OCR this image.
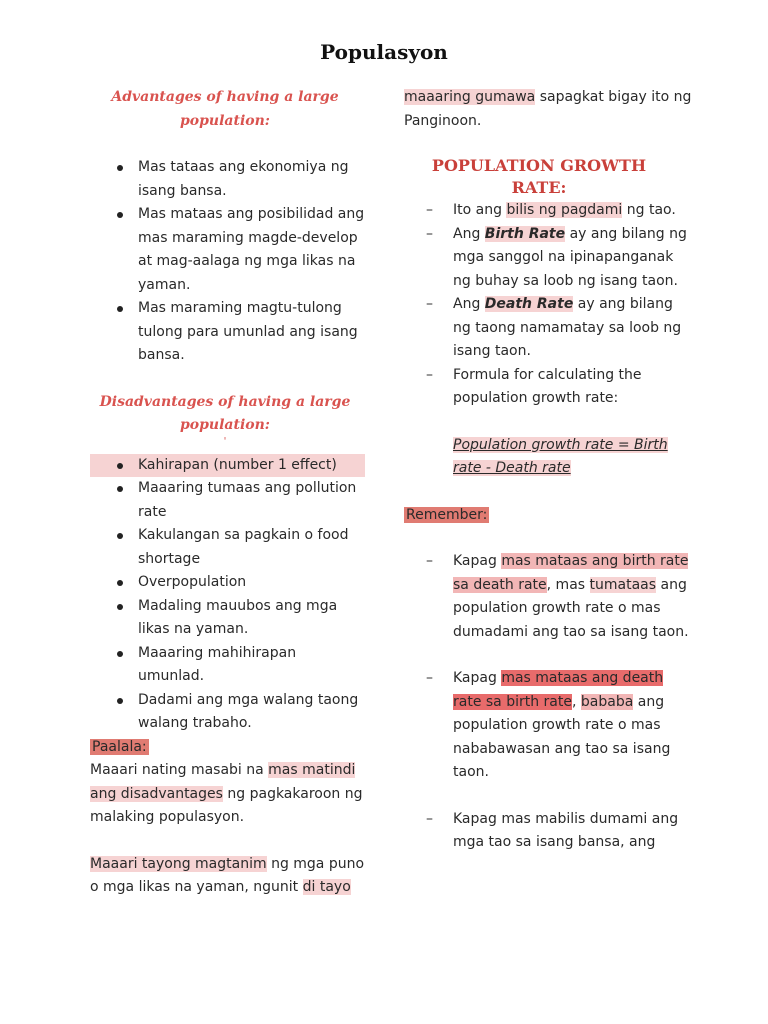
Populasyon
Advantages of having a large population:
Mas tataas ang ekonomiya ng isang bansa.
Mas mataas ang posibilidad ang mas maraming magde-develop at mag-aalaga ng mga likas na yaman.
Mas maraming magtu-tulong tulong para umunlad ang isang bansa.
Disadvantages of having a large population:
'
Kahirapan (number 1 effect)
Maaaring tumaas ang pollution rate
Kakulangan sa pagkain o food shortage
Overpopulation
Madaling mauubos ang mga likas na yaman.
Maaaring mahihirapan umunlad.
Dadami ang mga walang taong walang trabaho.

Paalala:

Maaari nating masabi na mas matindi ang disadvantages ng pagkakaroon ng malaking populasyon.

Maaari tayong magtanim ng mga puno o mga likas na yaman, ngunit di tayo

maaaring gumawa sapagkat bigay ito ng Panginoon.

POPULATION GROWTH RATE:
– Ito ang bilis ng pagdami ng tao.
– Ang Birth Rate ay ang bilang ng mga sanggol na ipinapanganak ng buhay sa loob ng isang taon.
– Ang Death Rate ay ang bilang ng taong namamatay sa loob ng isang taon.
– Formula for calculating the population growth rate:

Population growth rate = Birth rate - Death rate

Remember:

– Kapag mas mataas ang birth rate sa death rate, mas tumataas ang population growth rate o mas dumadami ang tao sa isang taon.
– Kapag mas mataas ang death rate sa birth rate, bababa ang population growth rate o mas nababawasan ang tao sa isang taon.
– Kapag mas mabilis dumami ang mga tao sa isang bansa, ang
